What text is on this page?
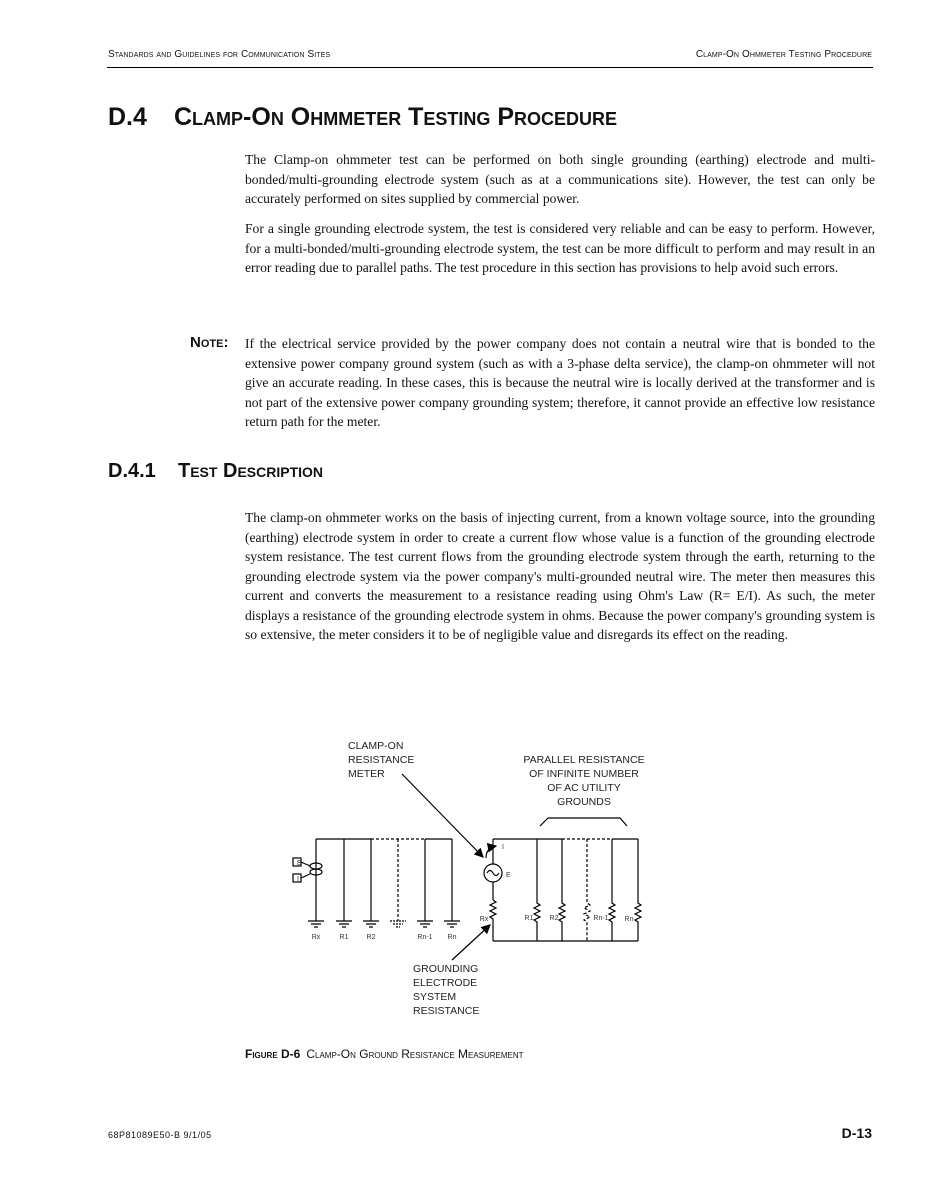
Standards and Guidelines for Communication Sites	Clamp-On Ohmmeter Testing Procedure
D.4 Clamp-On Ohmmeter Testing Procedure

The Clamp-on ohmmeter test can be performed on both single grounding (earthing) electrode and multi-bonded/multi-grounding electrode system (such as at a communications site). However, the test can only be accurately performed on sites supplied by commercial power.

For a single grounding electrode system, the test is considered very reliable and can be easy to perform. However, for a multi-bonded/multi-grounding electrode system, the test can be more difficult to perform and may result in an error reading due to parallel paths. The test procedure in this section has provisions to help avoid such errors.

Note: If the electrical service provided by the power company does not contain a neutral wire that is bonded to the extensive power company ground system (such as with a 3-phase delta service), the clamp-on ohmmeter will not give an accurate reading. In these cases, this is because the neutral wire is locally derived at the transformer and is not part of the extensive power company grounding system; therefore, it cannot provide an effective low resistance return path for the meter.

D.4.1 Test Description

The clamp-on ohmmeter works on the basis of injecting current, from a known voltage source, into the grounding (earthing) electrode system in order to create a current flow whose value is a function of the grounding electrode system resistance. The test current flows from the grounding electrode system through the earth, returning to the grounding electrode system via the power company's multi-grounded neutral wire. The meter then measures this current and converts the measurement to a resistance reading using Ohm's Law (R= E/I). As such, the meter displays a resistance of the grounding electrode system in ohms. Because the power company's grounding system is so extensive, the meter considers it to be of negligible value and disregards its effect on the reading.

E
I
Rx	R1	R2	Rn-1 Rn
I
E
Rx	R1 R2	Rn-1 Rn
CLAMP-ON
RESISTANCE
METER
PARALLEL RESISTANCE
OF INFINITE NUMBER
OF AC UTILITY
GROUNDS
GROUNDING
ELECTRODE
SYSTEM
RESISTANCE
Figure D-6 Clamp-On Ground Resistance Measurement
68P81089E50-B 9/1/05	D-13
